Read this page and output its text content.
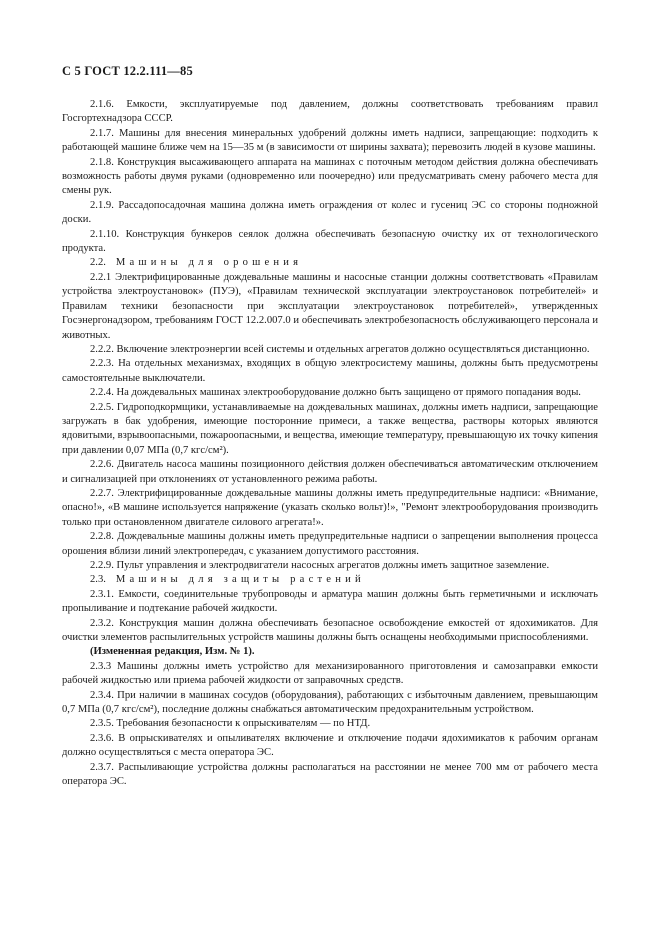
С 5 ГОСТ 12.2.111—85

2.1.6. Емкости, эксплуатируемые под давлением, должны соответствовать требованиям правил Госгортехнадзора СССР.

2.1.7. Машины для внесения минеральных удобрений должны иметь надписи, запрещающие: подходить к работающей машине ближе чем на 15—35 м (в зависимости от ширины захвата); перевозить людей в кузове машины.

2.1.8. Конструкция высаживающего аппарата на машинах с поточным методом действия должна обеспечивать возможность работы двумя руками (одновременно или поочередно) или предусматривать смену рабочего места для смены рук.

2.1.9. Рассадопосадочная машина должна иметь ограждения от колес и гусениц ЭС со стороны подножной доски.

2.1.10. Конструкция бункеров сеялок должна обеспечивать безопасную очистку их от технологического продукта.

2.2. Машины для орошения

2.2.1 Электрифицированные дождевальные машины и насосные станции должны соответствовать «Правилам устройства электроустановок» (ПУЭ), «Правилам технической эксплуатации электроустановок потребителей» и Правилам техники безопасности при эксплуатации электроустановок потребителей», утвержденных Госэнергонадзором, требованиям ГОСТ 12.2.007.0 и обеспечивать электробезопасность обслуживающего персонала и животных.

2.2.2. Включение электроэнергии всей системы и отдельных агрегатов должно осуществляться дистанционно.

2.2.3. На отдельных механизмах, входящих в общую электросистему машины, должны быть предусмотрены самостоятельные выключатели.

2.2.4. На дождевальных машинах электрооборудование должно быть защищено от прямого попадания воды.

2.2.5. Гидроподкормщики, устанавливаемые на дождевальных машинах, должны иметь надписи, запрещающие загружать в бак удобрения, имеющие посторонние примеси, а также вещества, растворы которых являются ядовитыми, взрывоопасными, пожароопасными, и вещества, имеющие температуру, превышающую их точку кипения при давлении 0,07 МПа (0,7 кгс/см²).

2.2.6. Двигатель насоса машины позиционного действия должен обеспечиваться автоматическим отключением и сигнализацией при отклонениях от установленного режима работы.

2.2.7. Электрифицированные дождевальные машины должны иметь предупредительные надписи: «Внимание, опасно!», «В машине используется напряжение (указать сколько вольт)!», "Ремонт электрооборудования производить только при остановленном двигателе силового агрегата!».

2.2.8. Дождевальные машины должны иметь предупредительные надписи о запрещении выполнения процесса орошения вблизи линий электропередач, с указанием допустимого расстояния.

2.2.9. Пульт управления и электродвигатели насосных агрегатов должны иметь защитное заземление.

2.3. Машины для защиты растений

2.3.1. Емкости, соединительные трубопроводы и арматура машин должны быть герметичными и исключать пропыливание и подтекание рабочей жидкости.

2.3.2. Конструкция машин должна обеспечивать безопасное освобождение емкостей от ядохимикатов. Для очистки элементов распылительных устройств машины должны быть оснащены необходимыми приспособлениями.

(Измененная редакция, Изм. № 1).

2.3.3 Машины должны иметь устройство для механизированного приготовления и самозаправки емкости рабочей жидкостью или приема рабочей жидкости от заправочных средств.

2.3.4. При наличии в машинах сосудов (оборудования), работающих с избыточным давлением, превышающим 0,7 МПа (0,7 кгс/см²), последние должны снабжаться автоматическим предохранительным устройством.

2.3.5. Требования безопасности к опрыскивателям — по НТД.

2.3.6. В опрыскивателях и опыливателях включение и отключение подачи ядохимикатов к рабочим органам должно осуществляться с места оператора ЭС.

2.3.7. Распыливающие устройства должны располагаться на расстоянии не менее 700 мм от рабочего места оператора ЭС.
